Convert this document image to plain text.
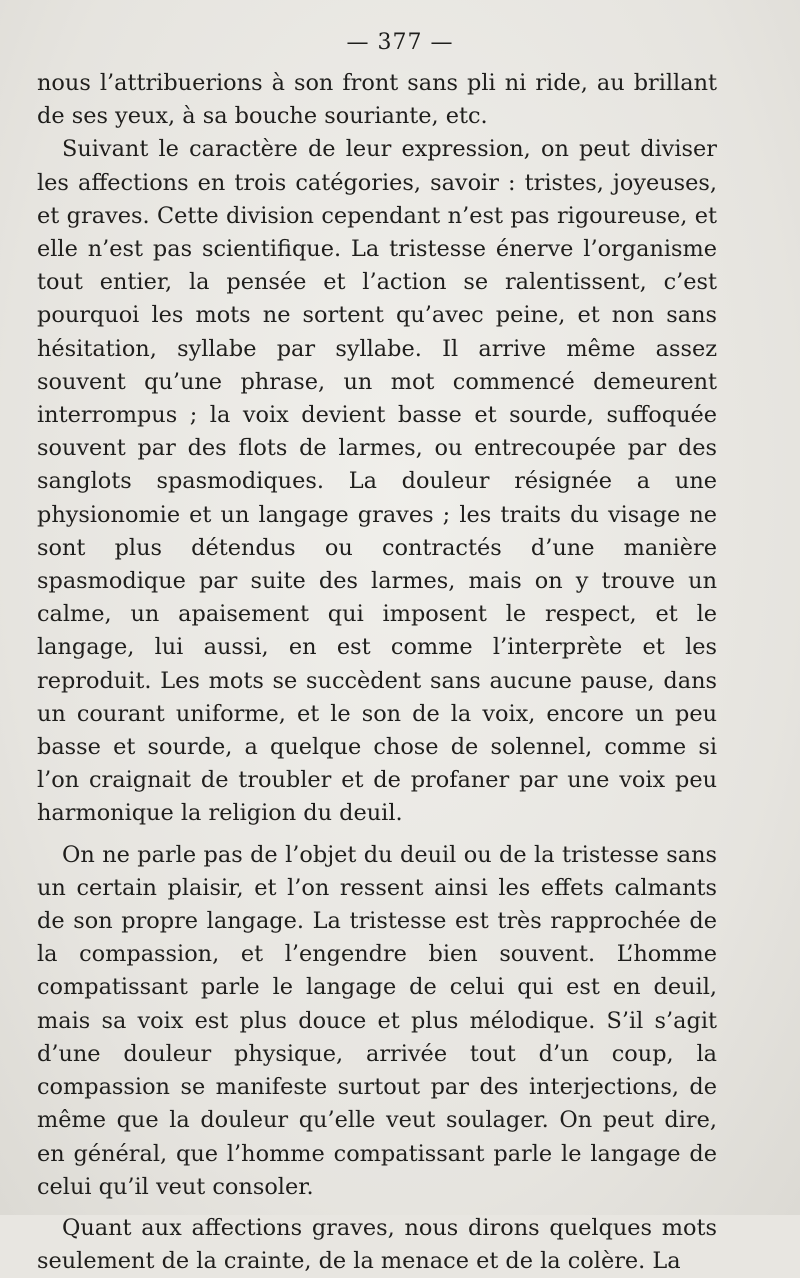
— 377 —

nous l’attribuerions à son front sans pli ni ride, au brillant de ses yeux, à sa bouche souriante, etc.

Suivant le caractère de leur expression, on peut diviser les affections en trois catégories, savoir : tristes, joyeuses, et graves. Cette division cependant n’est pas rigoureuse, et elle n’est pas scientifique. La tristesse énerve l’organisme tout entier, la pensée et l’action se ralentissent, c’est pourquoi les mots ne sortent qu’avec peine, et non sans hésitation, syllabe par syllabe. Il arrive même assez souvent qu’une phrase, un mot commencé demeurent interrompus ; la voix devient basse et sourde, suffoquée souvent par des flots de larmes, ou entrecoupée par des sanglots spasmodiques. La douleur résignée a une physionomie et un langage graves ; les traits du visage ne sont plus détendus ou contractés d’une manière spasmodique par suite des larmes, mais on y trouve un calme, un apaisement qui imposent le respect, et le langage, lui aussi, en est comme l’interprète et les reproduit. Les mots se succèdent sans aucune pause, dans un courant uniforme, et le son de la voix, encore un peu basse et sourde, a quelque chose de solennel, comme si l’on craignait de troubler et de profaner par une voix peu harmonique la religion du deuil.

On ne parle pas de l’objet du deuil ou de la tristesse sans un certain plaisir, et l’on ressent ainsi les effets calmants de son propre langage. La tristesse est très rapprochée de la compassion, et l’engendre bien souvent. L’homme compatissant parle le langage de celui qui est en deuil, mais sa voix est plus douce et plus mélodique. S’il s’agit d’une douleur physique, arrivée tout d’un coup, la compassion se manifeste surtout par des interjections, de même que la douleur qu’elle veut soulager. On peut dire, en général, que l’homme compatissant parle le langage de celui qu’il veut consoler.

Quant aux affections graves, nous dirons quelques mots seulement de la crainte, de la menace et de la colère. La
